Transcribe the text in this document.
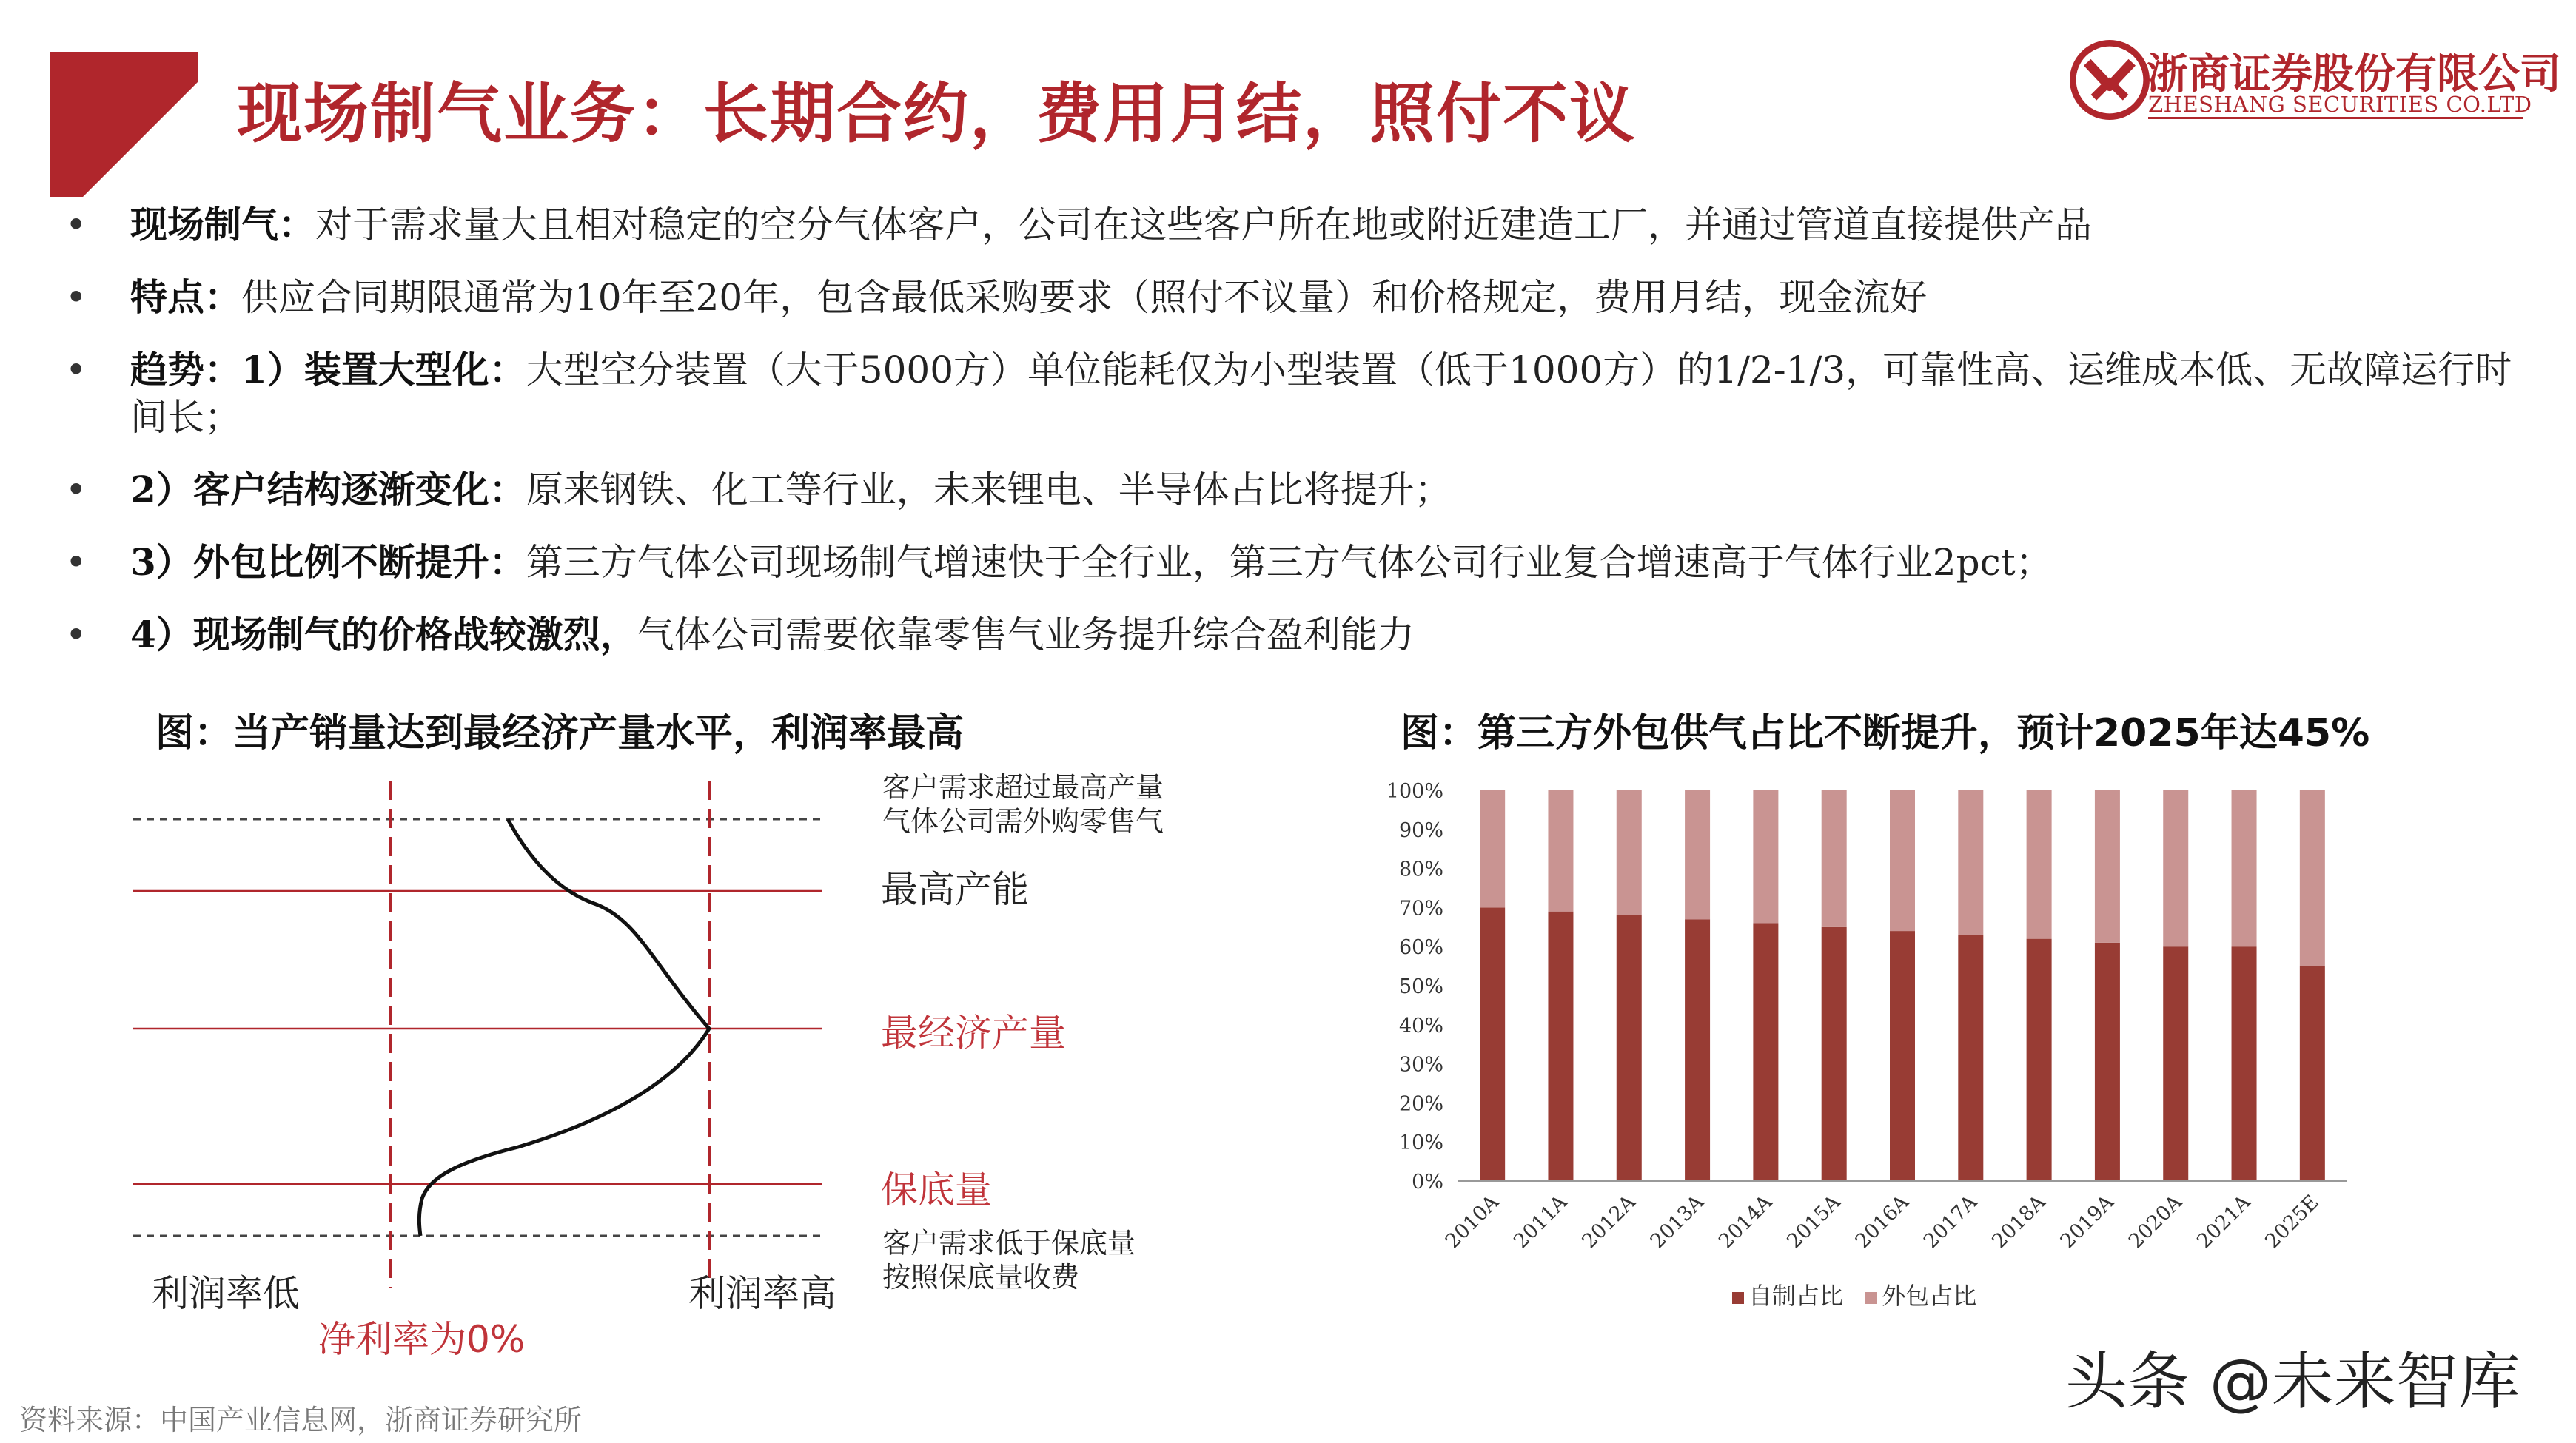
现场制气业务：长期合约，费用月结，照付不议
浙商证券股份有限公司
ZHESHANG SECURITIES CO.LTD
• 现场制气：对于需求量大且相对稳定的空分气体客户，公司在这些客户所在地或附近建造工厂，并通过管道直接提供产品
• 特点：供应合同期限通常为10年至20年，包含最低采购要求（照付不议量）和价格规定，费用月结，现金流好
• 趋势：1）装置大型化：大型空分装置（大于5000方）单位能耗仅为小型装置（低于1000方）的1/2-1/3，可靠性高、运维成本低、无故障运行时间长；
• 2）客户结构逐渐变化：原来钢铁、化工等行业，未来锂电、半导体占比将提升；
• 3）外包比例不断提升：第三方气体公司现场制气增速快于全行业，第三方气体公司行业复合增速高于气体行业2pct；
• 4）现场制气的价格战较激烈，气体公司需要依靠零售气业务提升综合盈利能力
图：当产销量达到最经济产量水平，利润率最高
客户需求超过最高产量
气体公司需外购零售气
最高产能
最经济产量
保底量
客户需求低于保底量
按照保底量收费
利润率低	利润率高
净利率为0%
图：第三方外包供气占比不断提升，预计2025年达45%
0%
10%
20%
30%
40%
50%
60%
70%
80%
90%
100%
2010A 2011A 2012A 2013A 2014A 2015A 2016A 2017A 2018A 2019A 2020A 2021A 2025E
自制占比 外包占比
资料来源：中国产业信息网，浙商证券研究所
头条 @未来智库
